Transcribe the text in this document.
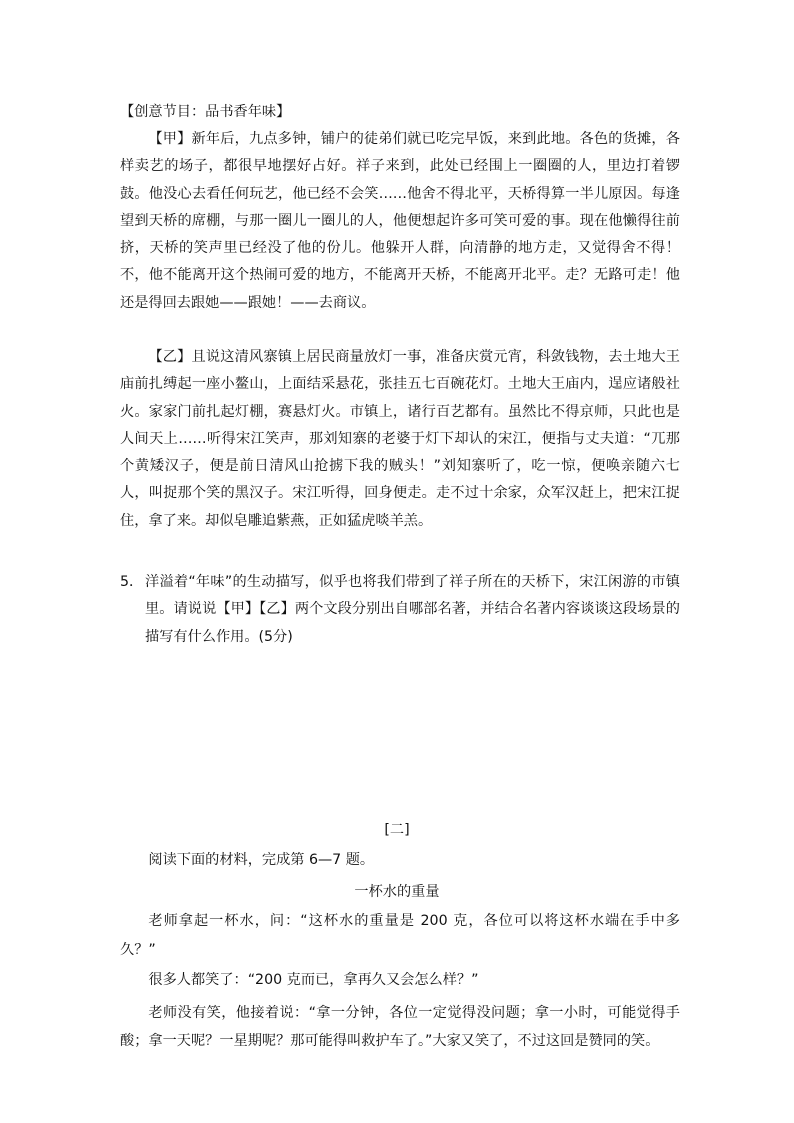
【创意节目：品书香年味】

【甲】新年后，九点多钟，铺户的徒弟们就已吃完早饭，来到此地。各色的货摊，各样卖艺的场子，都很早地摆好占好。祥子来到，此处已经围上一圈圈的人，里边打着锣鼓。他没心去看任何玩艺，他已经不会笑……他舍不得北平，天桥得算一半儿原因。每逢望到天桥的席棚，与那一圈儿一圈儿的人，他便想起许多可笑可爱的事。现在他懒得往前挤，天桥的笑声里已经没了他的份儿。他躲开人群，向清静的地方走，又觉得舍不得！不，他不能离开这个热闹可爱的地方，不能离开天桥，不能离开北平。走？无路可走！他还是得回去跟她——跟她！——去商议。

【乙】且说这清风寨镇上居民商量放灯一事，准备庆赏元宵，科敛钱物，去土地大王庙前扎缚起一座小鳌山，上面结采悬花，张挂五七百碗花灯。土地大王庙内，逞应诸般社火。家家门前扎起灯棚，赛悬灯火。市镇上，诸行百艺都有。虽然比不得京师，只此也是人间天上……听得宋江笑声，那刘知寨的老婆于灯下却认的宋江，便指与丈夫道：“兀那个黄矮汉子，便是前日清风山抢掳下我的贼头！”刘知寨听了，吃一惊，便唤亲随六七人，叫捉那个笑的黑汉子。宋江听得，回身便走。走不过十余家，众军汉赶上，把宋江捉住，拿了来。却似皂雕追紫燕，正如猛虎啖羊羔。

5． 洋溢着“年味”的生动描写，似乎也将我们带到了祥子所在的天桥下，宋江闲游的市镇里。请说说【甲】【乙】两个文段分别出自哪部名著，并结合名著内容谈谈这段场景的描写有什么作用。(5分)
[二]

阅读下面的材料，完成第 6—7 题。

一杯水的重量

老师拿起一杯水，问：“这杯水的重量是 200 克，各位可以将这杯水端在手中多久？”

很多人都笑了：“200 克而已，拿再久又会怎么样？”

老师没有笑，他接着说：“拿一分钟，各位一定觉得没问题；拿一小时，可能觉得手酸；拿一天呢？一星期呢？那可能得叫救护车了。”大家又笑了，不过这回是赞同的笑。
